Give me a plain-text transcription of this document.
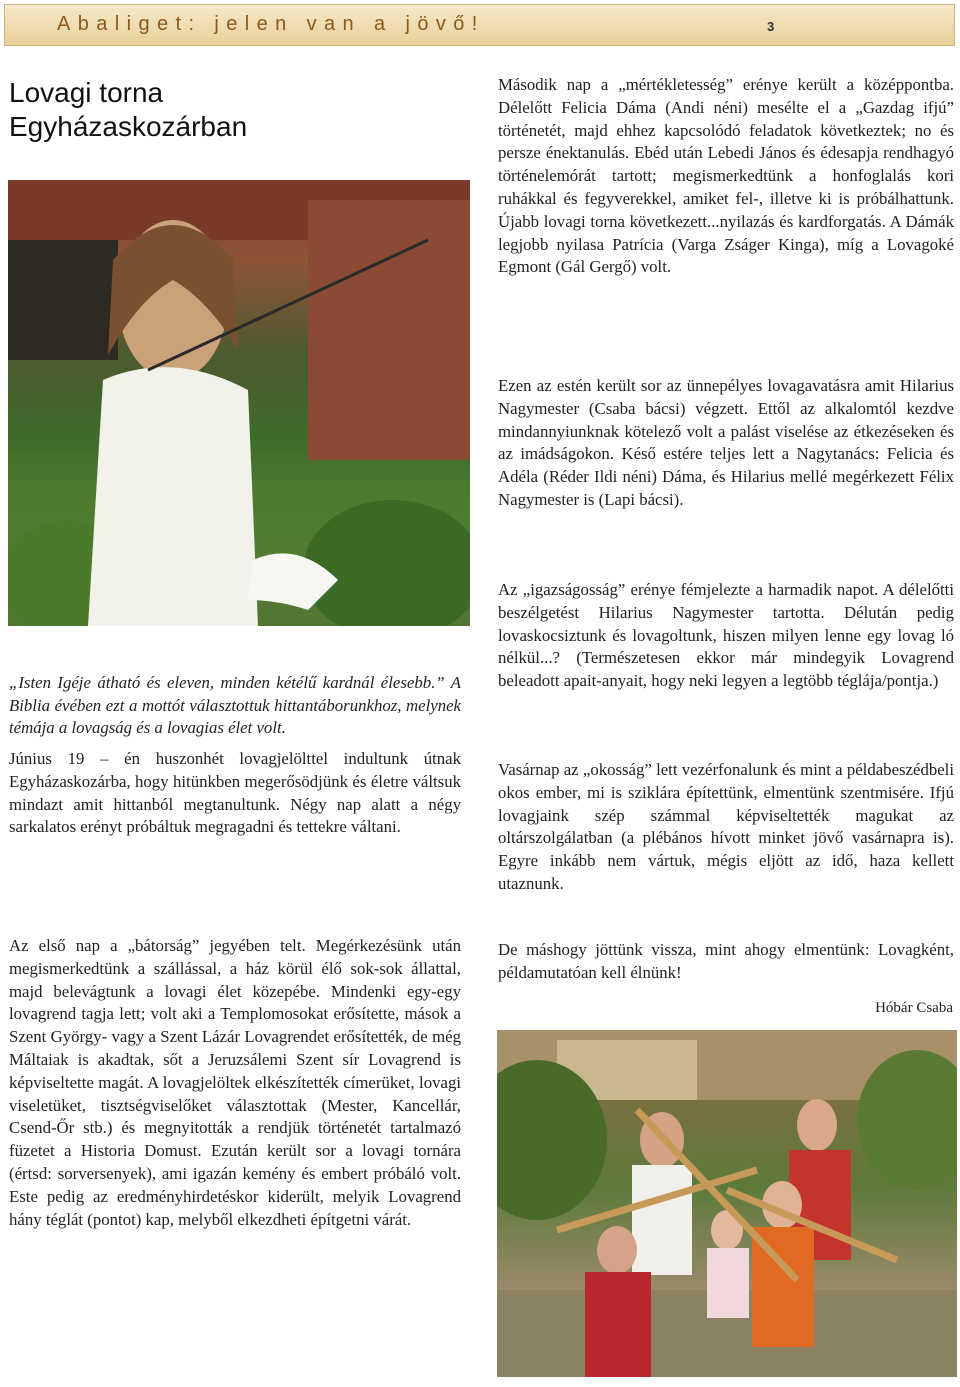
Abaliget: jelen van a jövő!	3
Lovagi torna
Egyházaskozárban

„Isten Igéje átható és eleven, minden kétélű kardnál élesebb.” A Biblia évében ezt a mottót választottuk hittantáborunkhoz, melynek témája a lovagság és a lovagias élet volt.

Június 19 – én huszonhét lovagjelölttel indultunk útnak Egyházaskozárba, hogy hitünkben megerősödjünk és életre váltsuk mindazt amit hittanból megtanultunk. Négy nap alatt a négy sarkalatos erényt próbáltuk megragadni és tettekre váltani.

Az első nap a „bátorság” jegyében telt. Megérkezésünk után megismerkedtünk a szállással, a ház körül élő sok-sok állattal, majd belevágtunk a lovagi élet közepébe. Mindenki egy-egy lovagrend tagja lett; volt aki a Templomosokat erősítette, mások a Szent György- vagy a Szent Lázár Lovagrendet erősítették, de még Máltaiak is akadtak, sőt a Jeruzsálemi Szent sír Lovagrend is képviseltette magát. A lovagjelöltek elkészítették címerüket, lovagi viseletüket, tisztségviselőket választottak (Mester, Kancellár, Csend-Őr stb.) és megnyitották a rendjük történetét tartalmazó füzetet a Historia Domust. Ezután került sor a lovagi tornára (értsd: sorversenyek), ami igazán kemény és embert próbáló volt. Este pedig az eredményhirdetéskor kiderült, melyik Lovagrend hány téglát (pontot) kap, melyből elkezdheti építgetni várát.

Második nap a „mértékletesség” erénye került a középpontba. Délelőtt Felicia Dáma (Andi néni) mesélte el a „Gazdag ifjú” történetét, majd ehhez kapcsolódó feladatok következtek; no és persze énektanulás. Ebéd után Lebedi János és édesapja rendhagyó történelemórát tartott; megismerkedtünk a honfoglalás kori ruhákkal és fegyverekkel, amiket fel-, illetve ki is próbálhattunk. Újabb lovagi torna következett...nyilazás és kardforgatás. A Dámák legjobb nyilasa Patrícia (Varga Zságer Kinga), míg a Lovagoké Egmont (Gál Gergő) volt.

Ezen az estén került sor az ünnepélyes lovagavatásra amit Hilarius Nagymester (Csaba bácsi) végzett. Ettől az alkalomtól kezdve mindannyiunknak kötelező volt a palást viselése az étkezéseken és az imádságokon. Késő estére teljes lett a Nagytanács: Felicia és Adéla (Réder Ildi néni) Dáma, és Hilarius mellé megérkezett Félix Nagymester is (Lapi bácsi).

Az „igazságosság” erénye fémjelezte a harmadik napot. A délelőtti beszélgetést Hilarius Nagymester tartotta. Délután pedig lovaskocsiztunk és lovagoltunk, hiszen milyen lenne egy lovag ló nélkül...? (Természetesen ekkor már mindegyik Lovagrend beleadott apait-anyait, hogy neki legyen a legtöbb téglája/pontja.)

Vasárnap az „okosság” lett vezérfonalunk és mint a példabeszédbeli okos ember, mi is sziklára építettünk, elmentünk szentmisére. Ifjú lovagjaink szép számmal képviseltették magukat az oltárszolgálatban (a plébános hívott minket jövő vasárnapra is). Egyre inkább nem vártuk, mégis eljött az idő, haza kellett utaznunk.

De máshogy jöttünk vissza, mint ahogy elmentünk: Lovagként, példamutatóan kell élnünk!

Hóbár Csaba
